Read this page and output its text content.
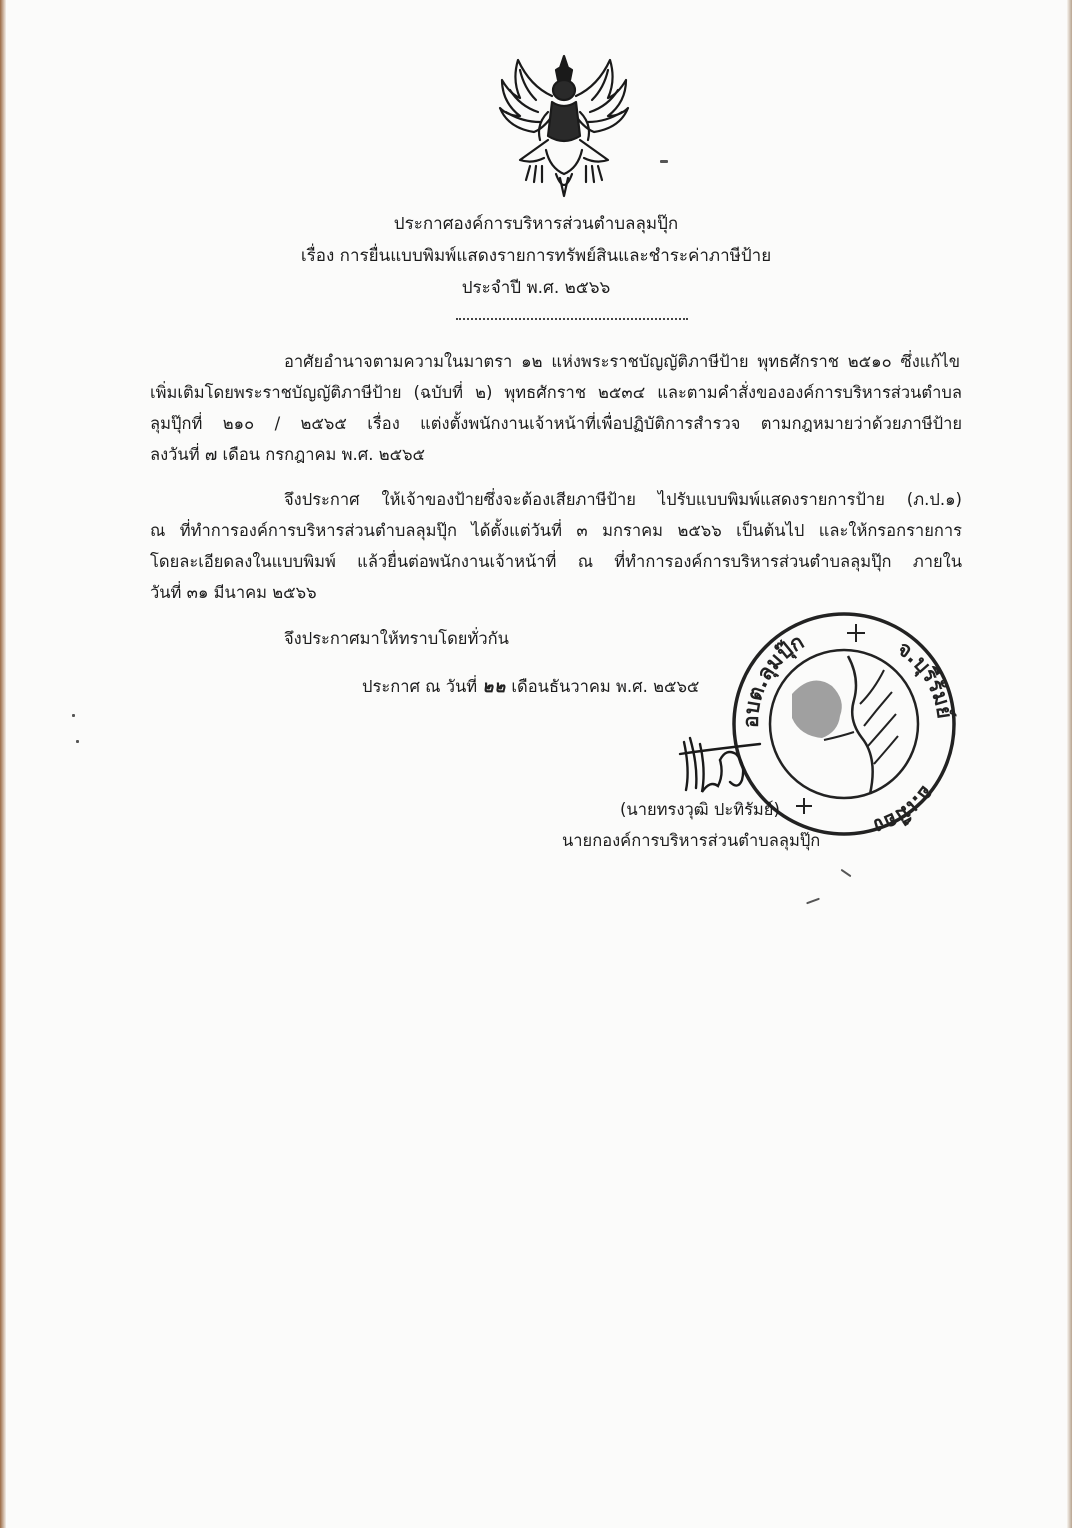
ประกาศองค์การบริหารส่วนตำบลลุมปุ๊ก
เรื่อง การยื่นแบบพิมพ์แสดงรายการทรัพย์สินและชำระค่าภาษีป้าย
ประจำปี พ.ศ. ๒๕๖๖
อาศัยอำนาจตามความในมาตรา ๑๒ แห่งพระราชบัญญัติภาษีป้าย พุทธศักราช ๒๕๑๐ ซึ่งแก้ไข
เพิ่มเติมโดยพระราชบัญญัติภาษีป้าย (ฉบับที่ ๒) พุทธศักราช ๒๕๓๔ และตามคำสั่งขององค์การบริหารส่วนตำบล
ลุมปุ๊กที่ ๒๑๐ / ๒๕๖๕ เรื่อง แต่งตั้งพนักงานเจ้าหน้าที่เพื่อปฏิบัติการสำรวจ ตามกฎหมายว่าด้วยภาษีป้าย
ลงวันที่ ๗ เดือน กรกฎาคม พ.ศ. ๒๕๖๕
จึงประกาศ ให้เจ้าของป้ายซึ่งจะต้องเสียภาษีป้าย ไปรับแบบพิมพ์แสดงรายการป้าย (ภ.ป.๑)
ณ ที่ทำการองค์การบริหารส่วนตำบลลุมปุ๊ก ได้ตั้งแต่วันที่ ๓ มกราคม ๒๕๖๖ เป็นต้นไป และให้กรอกรายการ
โดยละเอียดลงในแบบพิมพ์ แล้วยื่นต่อพนักงานเจ้าหน้าที่ ณ ที่ทำการองค์การบริหารส่วนตำบลลุมปุ๊ก ภายใน
วันที่ ๓๑ มีนาคม ๒๕๖๖
จึงประกาศมาให้ทราบโดยทั่วกัน
ประกาศ ณ วันที่ ๒๒ เดือนธันวาคม พ.ศ. ๒๕๖๕
อบต.ลุมปุ๊ก	จ.บุรีรัมย์
อ.เมือง
(นายทรงวุฒิ ปะทิรัมย์)
นายกองค์การบริหารส่วนตำบลลุมปุ๊ก
